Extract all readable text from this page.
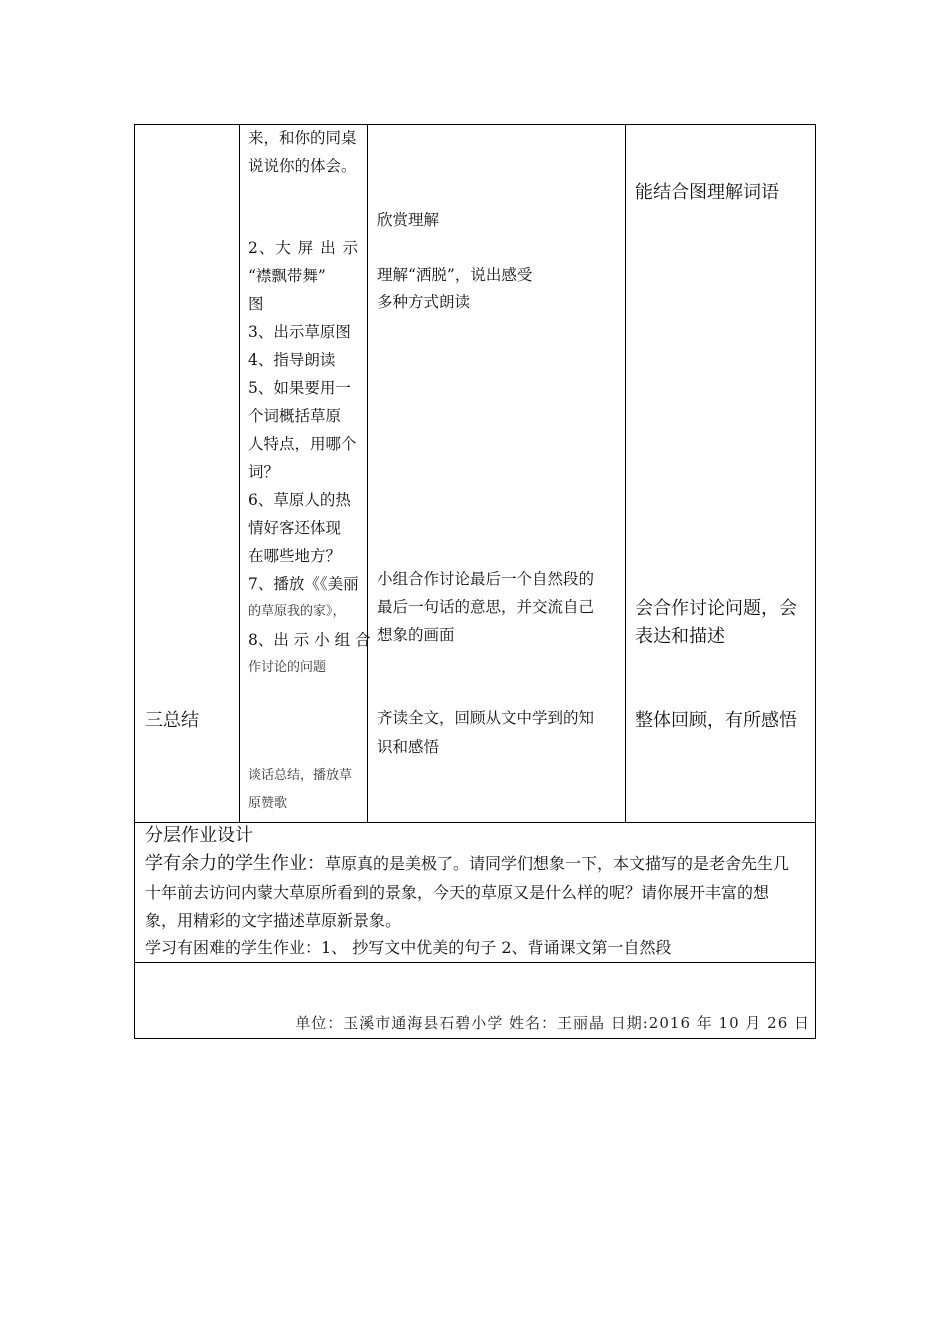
三总结
来，和你的同桌
说说你的体会。
2、大 屏 出 示
“襟飘带舞”
图
3、出示草原图
4、指导朗读
5、如果要用一
个词概括草原
人特点，用哪个
词？
6、草原人的热
情好客还体现
在哪些地方？
7、播放《《美丽
的草原我的家》，
8、出 示 小 组 合
作讨论的问题
谈话总结，播放草
原赞歌
欣赏理解
理解“洒脱”，说出感受
多种方式朗读
小组合作讨论最后一个自然段的
最后一句话的意思，并交流自己
想象的画面
齐读全文，回顾从文中学到的知
识和感悟
能结合图理解词语
会合作讨论问题，会
表达和描述
整体回顾，有所感悟
分层作业设计
学有余力的学生作业：草原真的是美极了。请同学们想象一下，本文描写的是老舍先生几
十年前去访问内蒙大草原所看到的景象，今天的草原又是什么样的呢？请你展开丰富的想
象，用精彩的文字描述草原新景象。
学习有困难的学生作业：1、 抄写文中优美的句子 2、背诵课文第一自然段
单位：玉溪市通海县石碧小学 姓名：王丽晶 日期:2016 年 10 月 26 日
